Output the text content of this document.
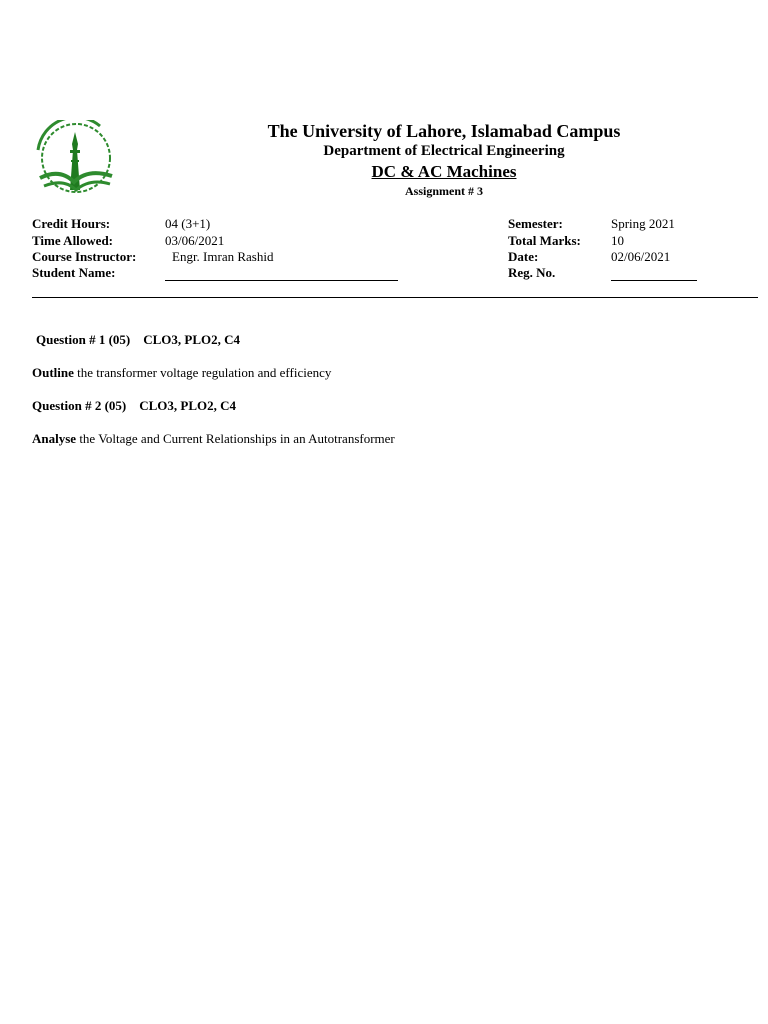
The University of Lahore, Islamabad Campus
Department of Electrical Engineering
DC & AC Machines
Assignment # 3
Credit Hours:	04 (3+1)
Time Allowed:	03/06/2021
Course Instructor:	Engr. Imran Rashid
Student Name:
Semester:	Spring 2021
Total Marks: 10
Date:	02/06/2021
Reg. No.
Question # 1 (05)    CLO3, PLO2, C4
Outline the transformer voltage regulation and efficiency
Question # 2 (05)    CLO3, PLO2, C4
Analyse the Voltage and Current Relationships in an Autotransformer
